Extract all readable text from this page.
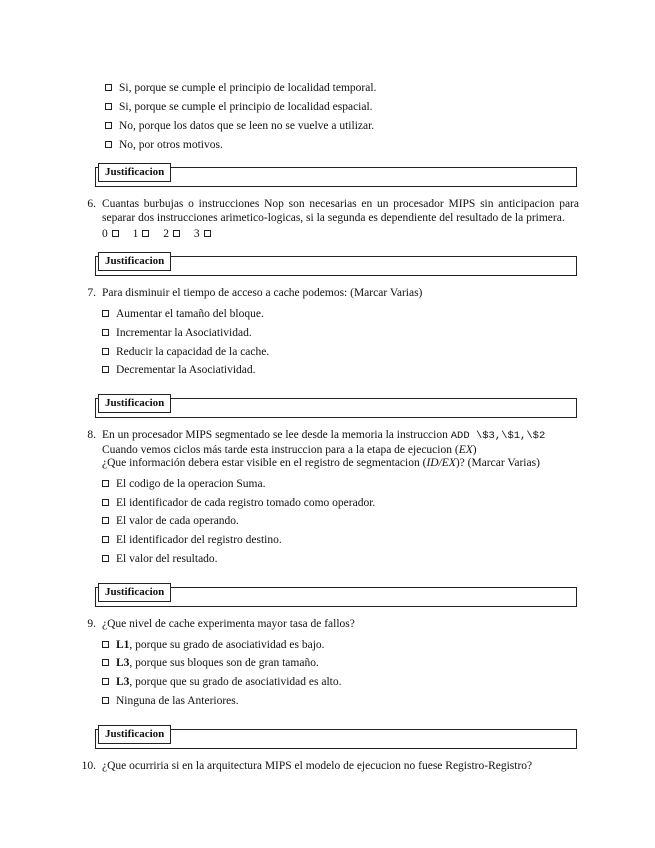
Si, porque se cumple el principio de localidad temporal.
Si, porque se cumple el principio de localidad espacial.
No, porque los datos que se leen no se vuelve a utilizar.
No, por otros motivos.
Justificacion
6. Cuantas burbujas o instrucciones Nop son necesarias en un procesador MIPS sin anticipacion para separar dos instrucciones arimetico-logicas, si la segunda es dependiente del resultado de la primera.
0 1 2 3
Justificacion
7. Para disminuir el tiempo de acceso a cache podemos: (Marcar Varias)
Aumentar el tamaño del bloque.
Incrementar la Asociatividad.
Reducir la capacidad de la cache.
Decrementar la Asociatividad.
Justificacion
8. En un procesador MIPS segmentado se lee desde la memoria la instruccion ADD \$3,\$1,\$2
Cuando vemos ciclos más tarde esta instruccion para a la etapa de ejecucion (EX)
¿Que información debera estar visible en el registro de segmentacion (ID/EX)? (Marcar Varias)
El codigo de la operacion Suma.
El identificador de cada registro tomado como operador.
El valor de cada operando.
El identificador del registro destino.
El valor del resultado.
Justificacion
9. ¿Que nivel de cache experimenta mayor tasa de fallos?
L1, porque su grado de asociatividad es bajo.
L3, porque sus bloques son de gran tamaño.
L3, porque que su grado de asociatividad es alto.
Ninguna de las Anteriores.
Justificacion
10. ¿Que ocurriria si en la arquitectura MIPS el modelo de ejecucion no fuese Registro-Registro?
